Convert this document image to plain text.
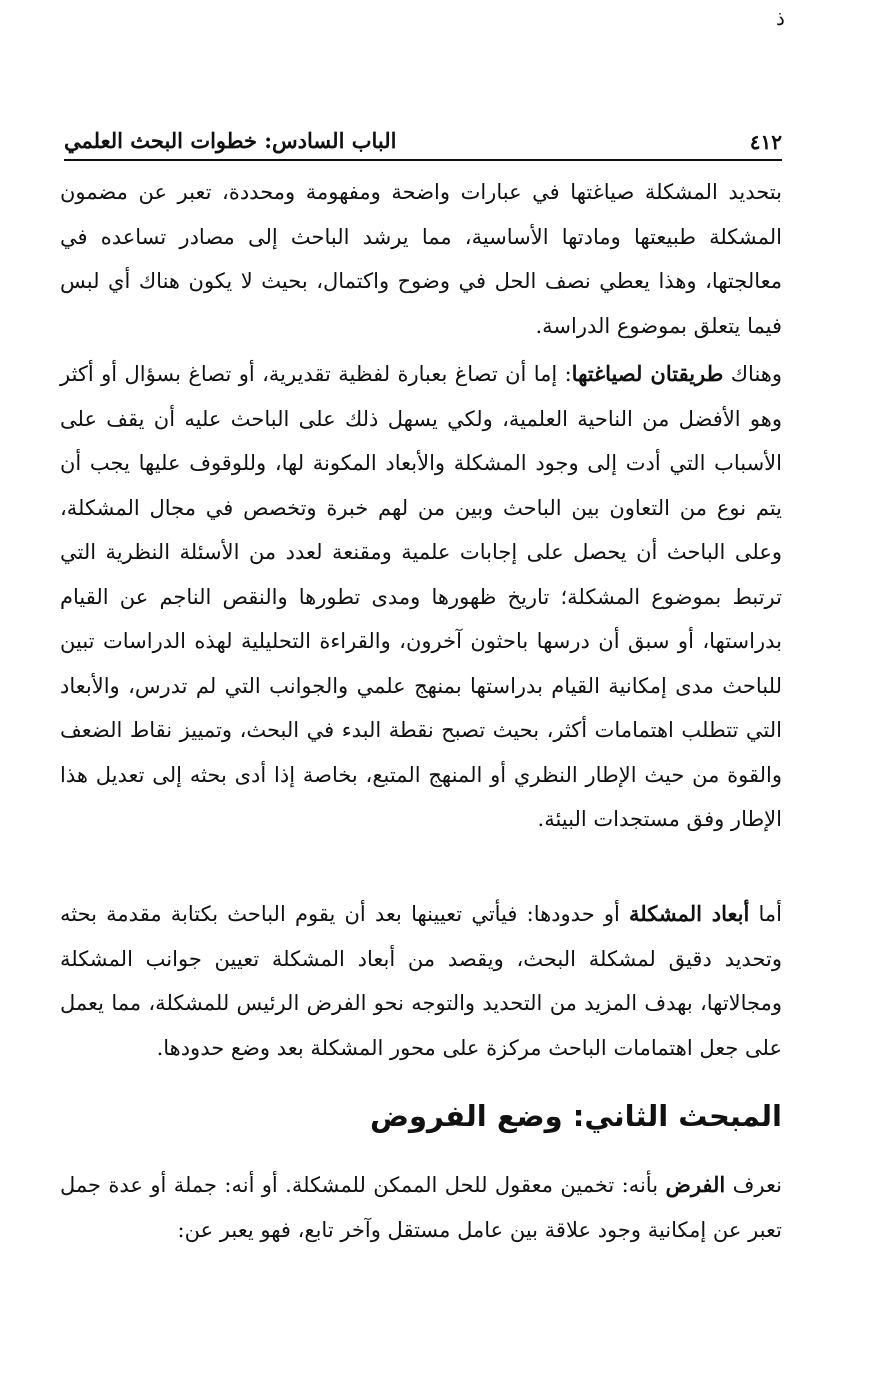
ذ
الباب السادس: خطوات البحث العلمي	٤١٢

بتحديد المشكلة صياغتها في عبارات واضحة ومفهومة ومحددة، تعبر عن مضمون المشكلة طبيعتها ومادتها الأساسية، مما يرشد الباحث إلى مصادر تساعده في معالجتها، وهذا يعطي نصف الحل في وضوح واكتمال، بحيث لا يكون هناك أي لبس فيما يتعلق بموضوع الدراسة.

وهناك طريقتان لصياغتها: إما أن تصاغ بعبارة لفظية تقديرية، أو تصاغ بسؤال أو أكثر وهو الأفضل من الناحية العلمية، ولكي يسهل ذلك على الباحث عليه أن يقف على الأسباب التي أدت إلى وجود المشكلة والأبعاد المكونة لها، وللوقوف عليها يجب أن يتم نوع من التعاون بين الباحث وبين من لهم خبرة وتخصص في مجال المشكلة، وعلى الباحث أن يحصل على إجابات علمية ومقنعة لعدد من الأسئلة النظرية التي ترتبط بموضوع المشكلة؛ تاريخ ظهورها ومدى تطورها والنقص الناجم عن القيام بدراستها، أو سبق أن درسها باحثون آخرون، والقراءة التحليلية لهذه الدراسات تبين للباحث مدى إمكانية القيام بدراستها بمنهج علمي والجوانب التي لم تدرس، والأبعاد التي تتطلب اهتمامات أكثر، بحيث تصبح نقطة البدء في البحث، وتمييز نقاط الضعف والقوة من حيث الإطار النظري أو المنهج المتبع، بخاصة إذا أدى بحثه إلى تعديل هذا الإطار وفق مستجدات البيئة.

أما أبعاد المشكلة أو حدودها: فيأتي تعيينها بعد أن يقوم الباحث بكتابة مقدمة بحثه وتحديد دقيق لمشكلة البحث، ويقصد من أبعاد المشكلة تعيين جوانب المشكلة ومجالاتها، بهدف المزيد من التحديد والتوجه نحو الفرض الرئيس للمشكلة، مما يعمل على جعل اهتمامات الباحث مركزة على محور المشكلة بعد وضع حدودها.

المبحث الثاني: وضع الفروض

نعرف الفرض بأنه: تخمين معقول للحل الممكن للمشكلة. أو أنه: جملة أو عدة جمل تعبر عن إمكانية وجود علاقة بين عامل مستقل وآخر تابع، فهو يعبر عن:
